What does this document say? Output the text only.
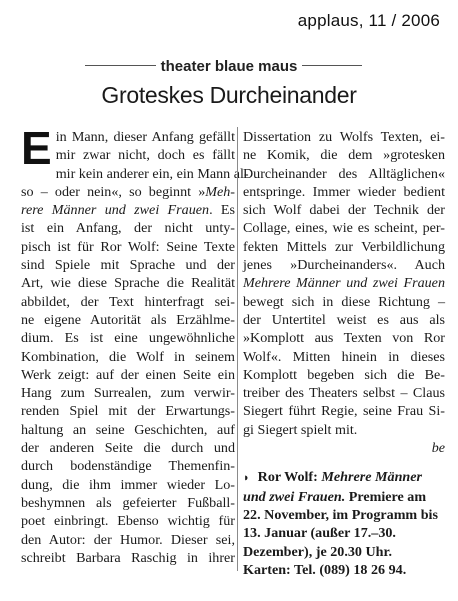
applaus, 11 / 2006
theater blaue maus
Groteskes Durcheinander
E in Mann, dieser Anfang gefällt
mir zwar nicht, doch es fällt
mir kein anderer ein, ein Mann al-
so – oder nein«, so beginnt »Meh-
rere Männer und zwei Frauen. Es
ist ein Anfang, der nicht unty-
pisch ist für Ror Wolf: Seine Texte
sind Spiele mit Sprache und der
Art, wie diese Sprache die Realität
abbildet, der Text hinterfragt sei-
ne eigene Autorität als Erzählme-
dium. Es ist eine ungewöhnliche
Kombination, die Wolf in seinem
Werk zeigt: auf der einen Seite ein
Hang zum Surrealen, zum verwir-
renden Spiel mit der Erwartungs-
haltung an seine Geschichten, auf
der anderen Seite die durch und
durch bodenständige Themenfin-
dung, die ihm immer wieder Lo-
beshymnen als gefeierter Fußball-
poet einbringt. Ebenso wichtig für
den Autor: der Humor. Dieser sei,
schreibt Barbara Raschig in ihrer
Dissertation zu Wolfs Texten, ei-
ne Komik, die dem »grotesken
Durcheinander des Alltäglichen«
entspringe. Immer wieder bedient
sich Wolf dabei der Technik der
Collage, eines, wie es scheint, per-
fekten Mittels zur Verbildlichung
jenes »Durcheinanders«. Auch
Mehrere Männer und zwei Frauen
bewegt sich in diese Richtung –
der Untertitel weist es aus als
»Komplott aus Texten von Ror
Wolf«. Mitten hinein in dieses
Komplott begeben sich die Be-
treiber des Theaters selbst – Claus
Siegert führt Regie, seine Frau Si-
gi Siegert spielt mit.
be
◗ Ror Wolf: Mehrere Männer und zwei Frauen. Premiere am 22. November, im Programm bis 13. Januar (außer 17.–30. Dezember), je 20.30 Uhr.
Karten: Tel. (089) 18 26 94.
